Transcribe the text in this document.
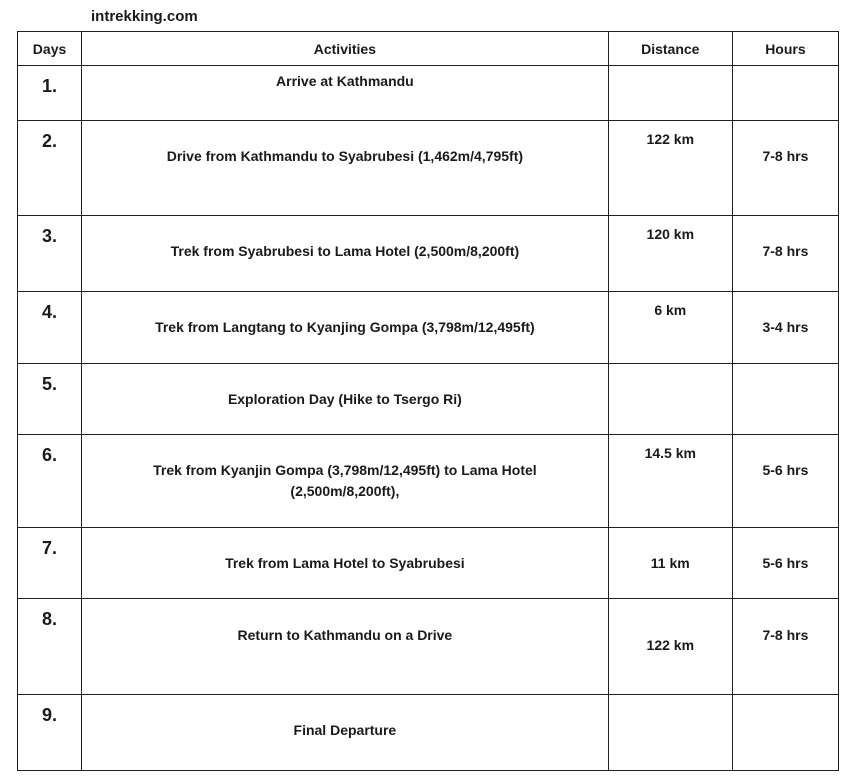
intrekking.com
Days	Activities	Distance	Hours

1.	Arrive at Kathmandu		

2.	Drive from Kathmandu to Syabrubesi (1,462m/4,795ft)	122 km	7-8 hrs

3.	Trek from Syabrubesi to Lama Hotel (2,500m/8,200ft)	120 km	7-8 hrs

4.	Trek from Langtang to Kyanjing Gompa (3,798m/12,495ft)	6 km	3-4 hrs

5.	Exploration Day (Hike to Tsergo Ri)		

6.	Trek from Kyanjin Gompa (3,798m/12,495ft) to Lama Hotel
(2,500m/8,200ft),	14.5 km	5-6 hrs

7.	Trek from Lama Hotel to Syabrubesi	11 km	5-6 hrs

8.	Return to Kathmandu on a Drive	122 km	7-8 hrs

9.	Final Departure		
